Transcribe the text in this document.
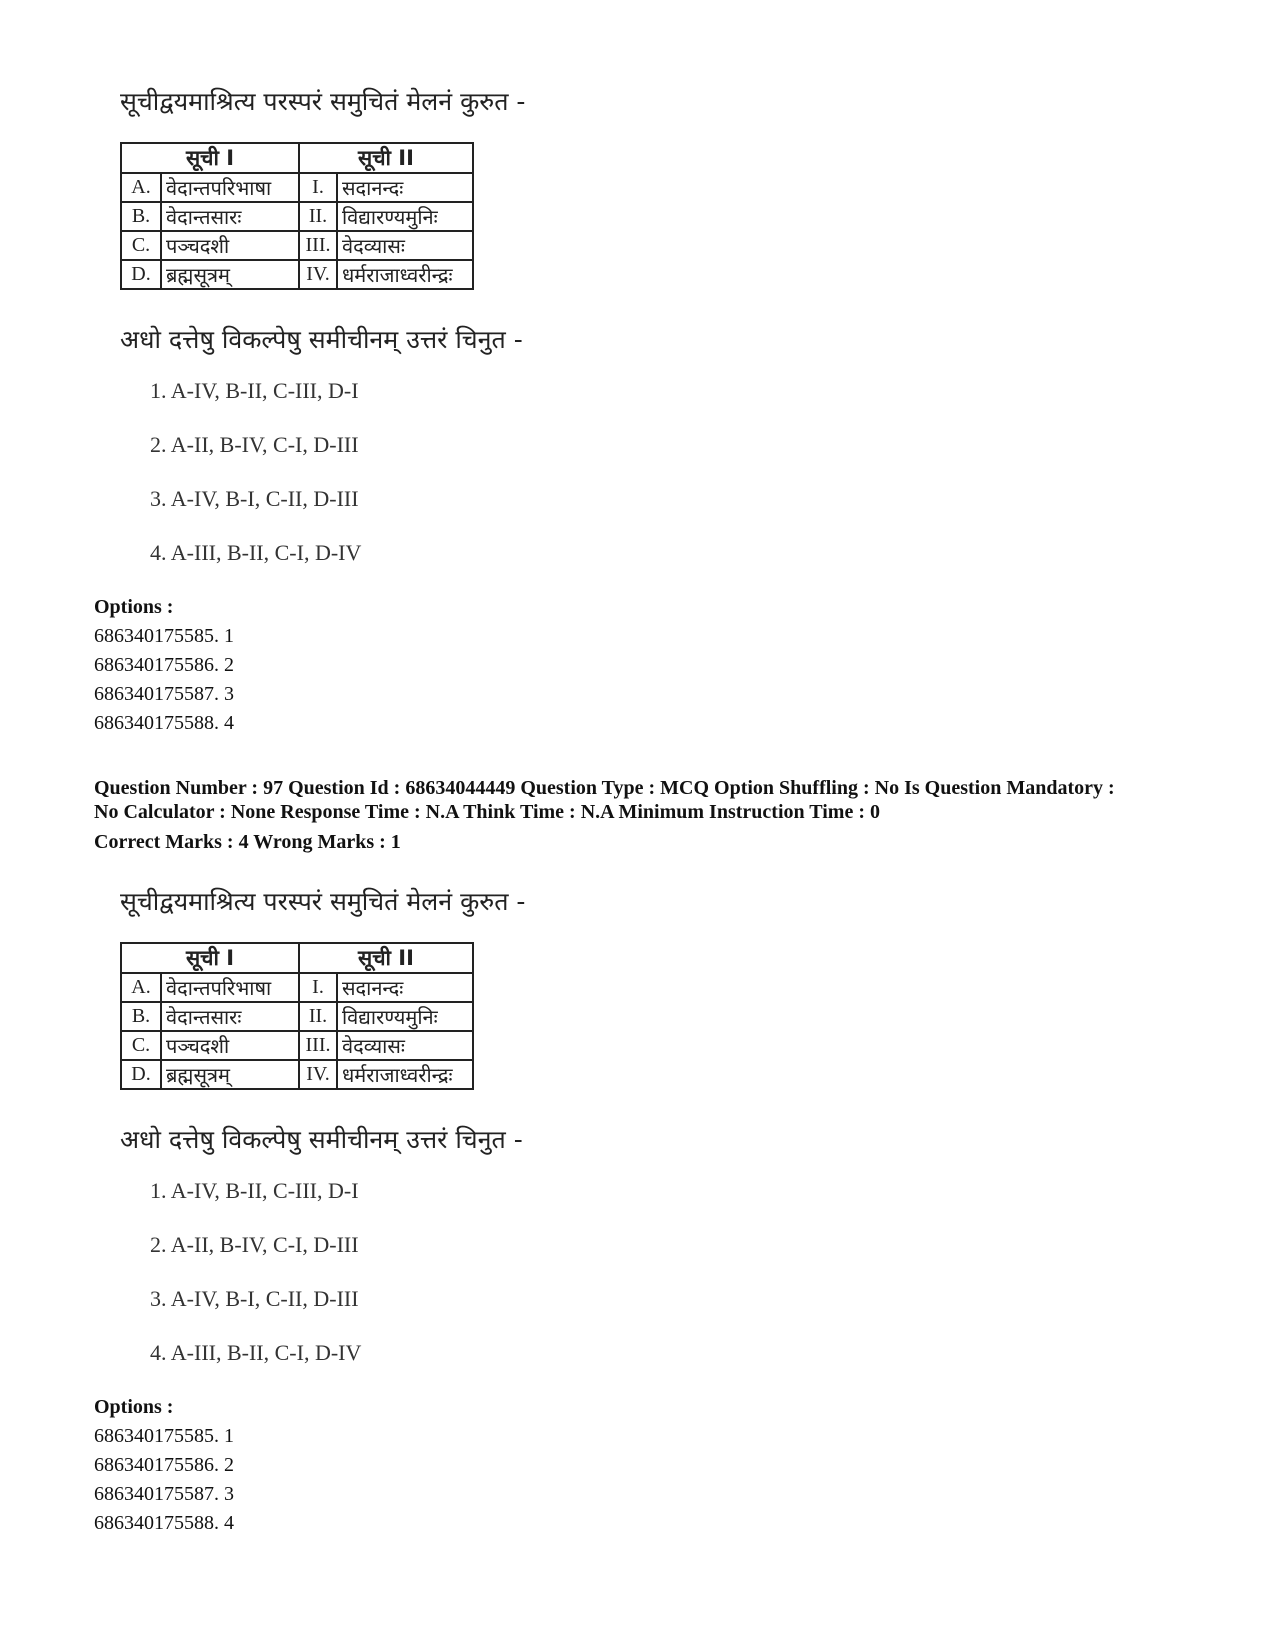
सूचीद्वयमाश्रित्य परस्परं समुचितं मेलनं कुरुत -
सूची I		सूची II	
A.	वेदान्तपरिभाषा	I.	सदानन्दः
B.	वेदान्तसारः	II.	विद्यारण्यमुनिः
C.	पञ्चदशी	III.	वेदव्यासः
D.	ब्रह्मसूत्रम्	IV.	धर्मराजाध्वरीन्द्रः
अधो दत्तेषु विकल्पेषु समीचीनम् उत्तरं चिनुत -
1. A-IV, B-II, C-III, D-I
2. A-II, B-IV, C-I, D-III
3. A-IV, B-I, C-II, D-III
4. A-III, B-II, C-I, D-IV
Options :
686340175585. 1
686340175586. 2
686340175587. 3
686340175588. 4
Question Number : 97 Question Id : 68634044449 Question Type : MCQ Option Shuffling : No Is Question Mandatory :
No Calculator : None Response Time : N.A Think Time : N.A Minimum Instruction Time : 0
Correct Marks : 4 Wrong Marks : 1
सूचीद्वयमाश्रित्य परस्परं समुचितं मेलनं कुरुत -
सूची I		सूची II	
A.	वेदान्तपरिभाषा	I.	सदानन्दः
B.	वेदान्तसारः	II.	विद्यारण्यमुनिः
C.	पञ्चदशी	III.	वेदव्यासः
D.	ब्रह्मसूत्रम्	IV.	धर्मराजाध्वरीन्द्रः
अधो दत्तेषु विकल्पेषु समीचीनम् उत्तरं चिनुत -
1. A-IV, B-II, C-III, D-I
2. A-II, B-IV, C-I, D-III
3. A-IV, B-I, C-II, D-III
4. A-III, B-II, C-I, D-IV
Options :
686340175585. 1
686340175586. 2
686340175587. 3
686340175588. 4
